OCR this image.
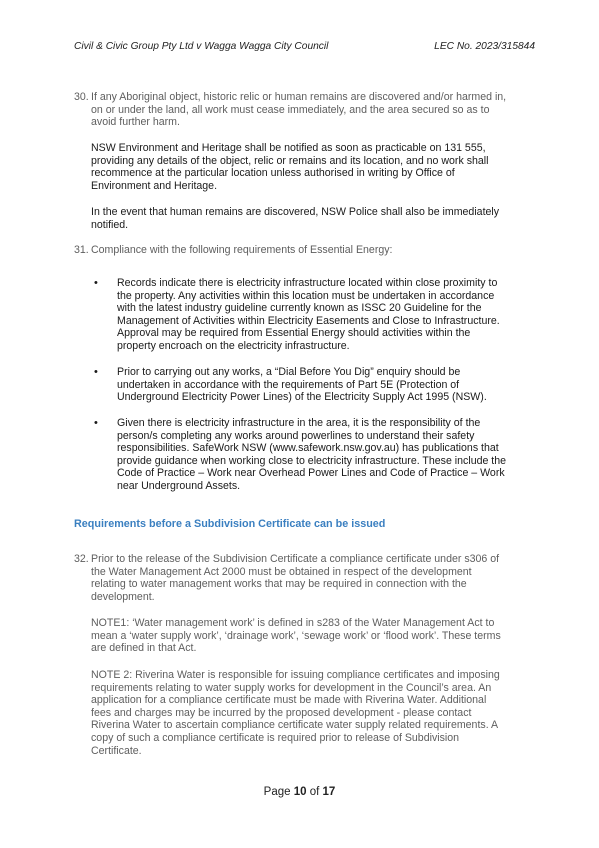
Civil & Civic Group Pty Ltd v Wagga Wagga City Council	LEC No. 2023/315844
30. If any Aboriginal object, historic relic or human remains are discovered and/or harmed in,
on or under the land, all work must cease immediately, and the area secured so as to
avoid further harm.
NSW Environment and Heritage shall be notified as soon as practicable on 131 555,
providing any details of the object, relic or remains and its location, and no work shall
recommence at the particular location unless authorised in writing by Office of
Environment and Heritage.
In the event that human remains are discovered, NSW Police shall also be immediately
notified.
31. Compliance with the following requirements of Essential Energy:
• Records indicate there is electricity infrastructure located within close proximity to
the property. Any activities within this location must be undertaken in accordance
with the latest industry guideline currently known as ISSC 20 Guideline for the
Management of Activities within Electricity Easements and Close to Infrastructure.
Approval may be required from Essential Energy should activities within the
property encroach on the electricity infrastructure.
• Prior to carrying out any works, a “Dial Before You Dig” enquiry should be
undertaken in accordance with the requirements of Part 5E (Protection of
Underground Electricity Power Lines) of the Electricity Supply Act 1995 (NSW).
• Given there is electricity infrastructure in the area, it is the responsibility of the
person/s completing any works around powerlines to understand their safety
responsibilities. SafeWork NSW (www.safework.nsw.gov.au) has publications that
provide guidance when working close to electricity infrastructure. These include the
Code of Practice – Work near Overhead Power Lines and Code of Practice – Work
near Underground Assets.
Requirements before a Subdivision Certificate can be issued
32. Prior to the release of the Subdivision Certificate a compliance certificate under s306 of
the Water Management Act 2000 must be obtained in respect of the development
relating to water management works that may be required in connection with the
development.
NOTE1: ‘Water management work’ is defined in s283 of the Water Management Act to
mean a ‘water supply work’, ‘drainage work’, ‘sewage work’ or ‘flood work’. These terms
are defined in that Act.
NOTE 2: Riverina Water is responsible for issuing compliance certificates and imposing
requirements relating to water supply works for development in the Council’s area. An
application for a compliance certificate must be made with Riverina Water. Additional
fees and charges may be incurred by the proposed development - please contact
Riverina Water to ascertain compliance certificate water supply related requirements. A
copy of such a compliance certificate is required prior to release of Subdivision
Certificate.
Page 10 of 17
